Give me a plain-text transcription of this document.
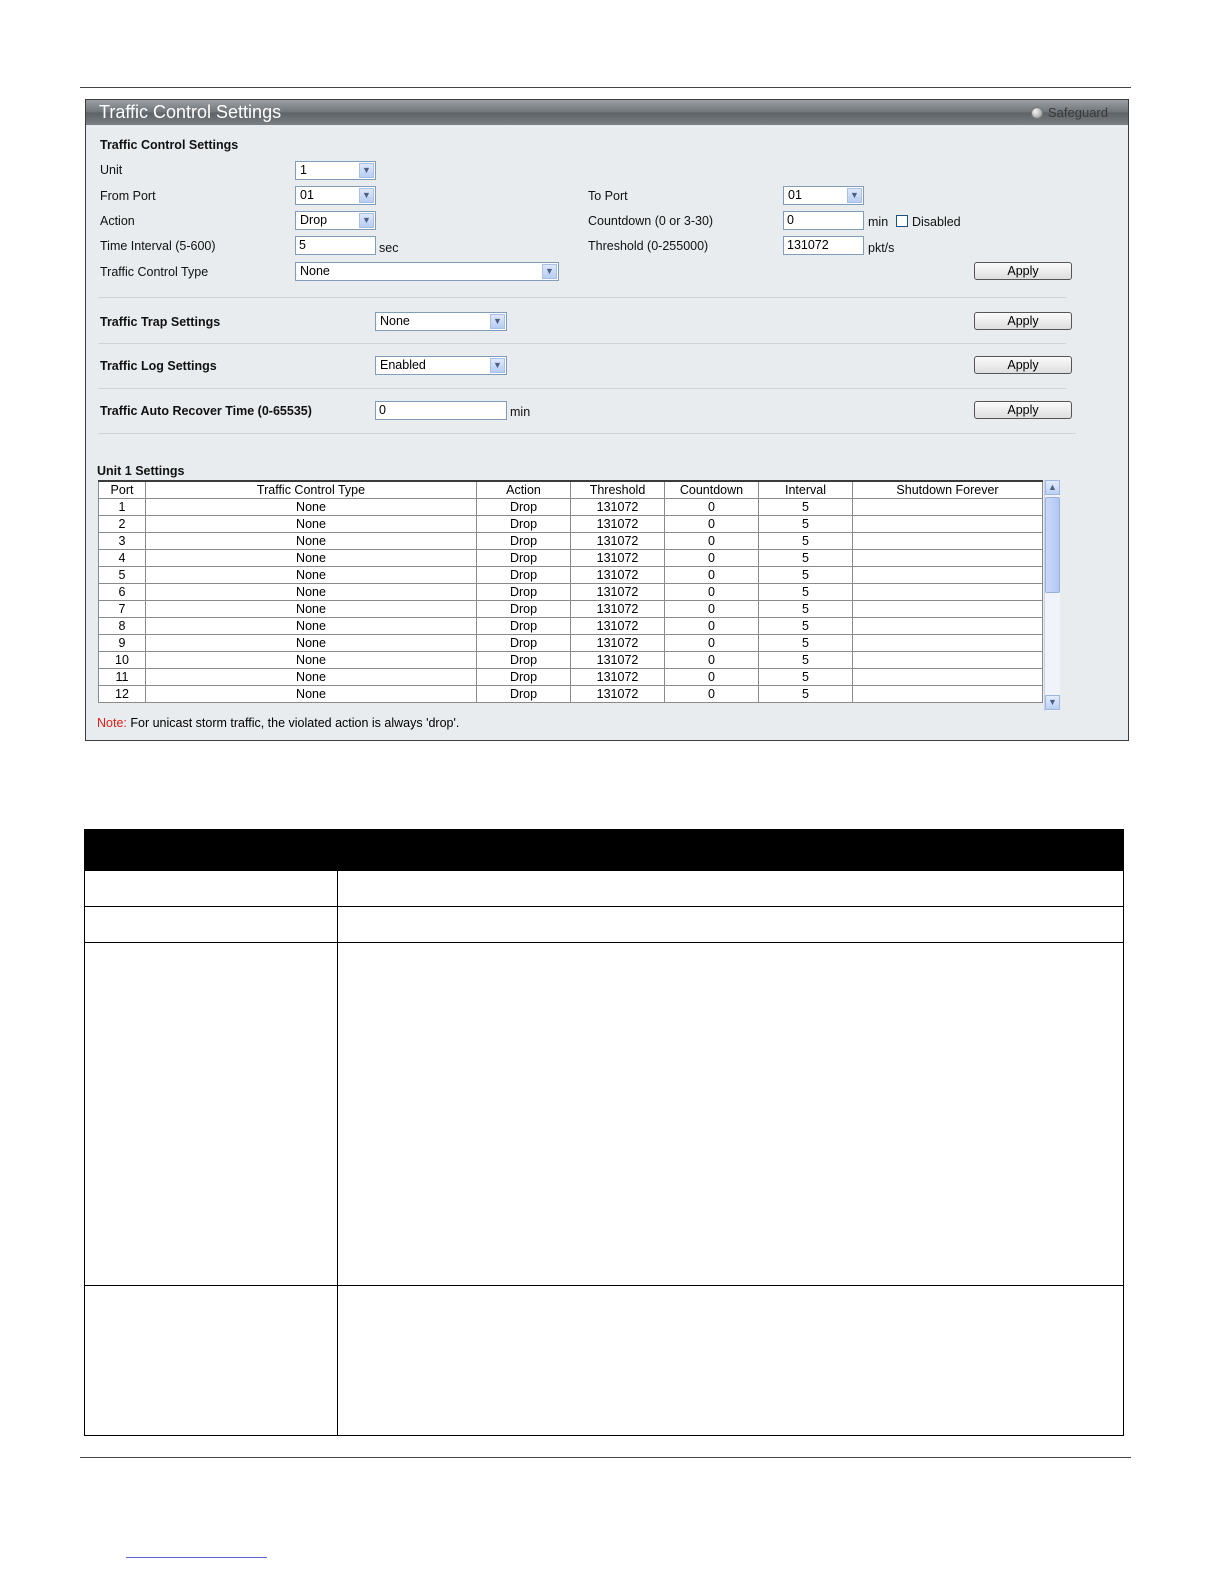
Traffic Control Settings	Safeguard
Traffic Control Settings
Unit	1	▼
From Port	01	▼	To Port	01	▼
Action	Drop	▼	Countdown (0 or 3-30)	0	min Disabled
Time Interval (5-600)	5	sec	Threshold (0-255000)	131072	pkt/s
Traffic Control Type	None	▼	Apply
Traffic Trap Settings	None	▼	Apply
Traffic Log Settings	Enabled	▼	Apply
Traffic Auto Recover Time (0-65535)	0	min	Apply
Unit 1 Settings
Port	Traffic Control Type	Action	Threshold	Countdown	Interval	Shutdown Forever
1	None	Drop	131072	0	5	
2	None	Drop	131072	0	5	
3	None	Drop	131072	0	5	
4	None	Drop	131072	0	5	
5	None	Drop	131072	0	5	
6	None	Drop	131072	0	5	
7	None	Drop	131072	0	5	
8	None	Drop	131072	0	5	
9	None	Drop	131072	0	5	
10	None	Drop	131072	0	5	
11	None	Drop	131072	0	5	
12	None	Drop	131072	0	5	
▲
▼
Note: For unicast storm traffic, the violated action is always 'drop'.
